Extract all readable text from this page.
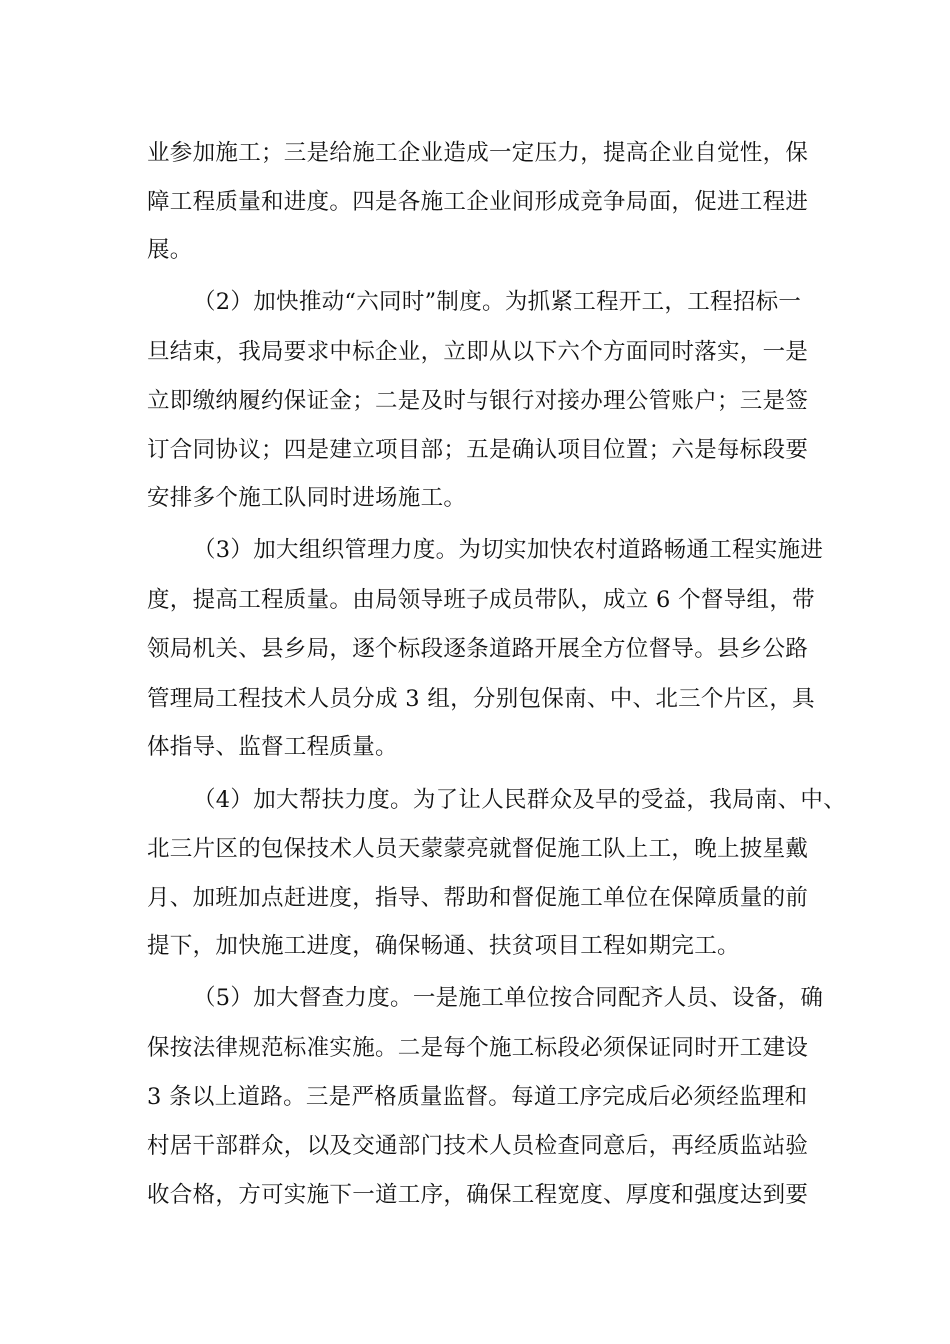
业参加施工；三是给施工企业造成一定压力，提高企业自觉性，保
障工程质量和进度。四是各施工企业间形成竞争局面，促进工程进
展。
（2）加快推动“六同时”制度。为抓紧工程开工，工程招标一
旦结束，我局要求中标企业，立即从以下六个方面同时落实，一是
立即缴纳履约保证金；二是及时与银行对接办理公管账户；三是签
订合同协议；四是建立项目部；五是确认项目位置；六是每标段要
安排多个施工队同时进场施工。
（3）加大组织管理力度。为切实加快农村道路畅通工程实施进
度，提高工程质量。由局领导班子成员带队，成立 6 个督导组，带
领局机关、县乡局，逐个标段逐条道路开展全方位督导。县乡公路
管理局工程技术人员分成 3 组，分别包保南、中、北三个片区，具
体指导、监督工程质量。
（4）加大帮扶力度。为了让人民群众及早的受益，我局南、中、
北三片区的包保技术人员天蒙蒙亮就督促施工队上工，晚上披星戴
月、加班加点赶进度，指导、帮助和督促施工单位在保障质量的前
提下，加快施工进度，确保畅通、扶贫项目工程如期完工。
（5）加大督查力度。一是施工单位按合同配齐人员、设备，确
保按法律规范标准实施。二是每个施工标段必须保证同时开工建设
3 条以上道路。三是严格质量监督。每道工序完成后必须经监理和
村居干部群众，以及交通部门技术人员检查同意后，再经质监站验
收合格，方可实施下一道工序，确保工程宽度、厚度和强度达到要
